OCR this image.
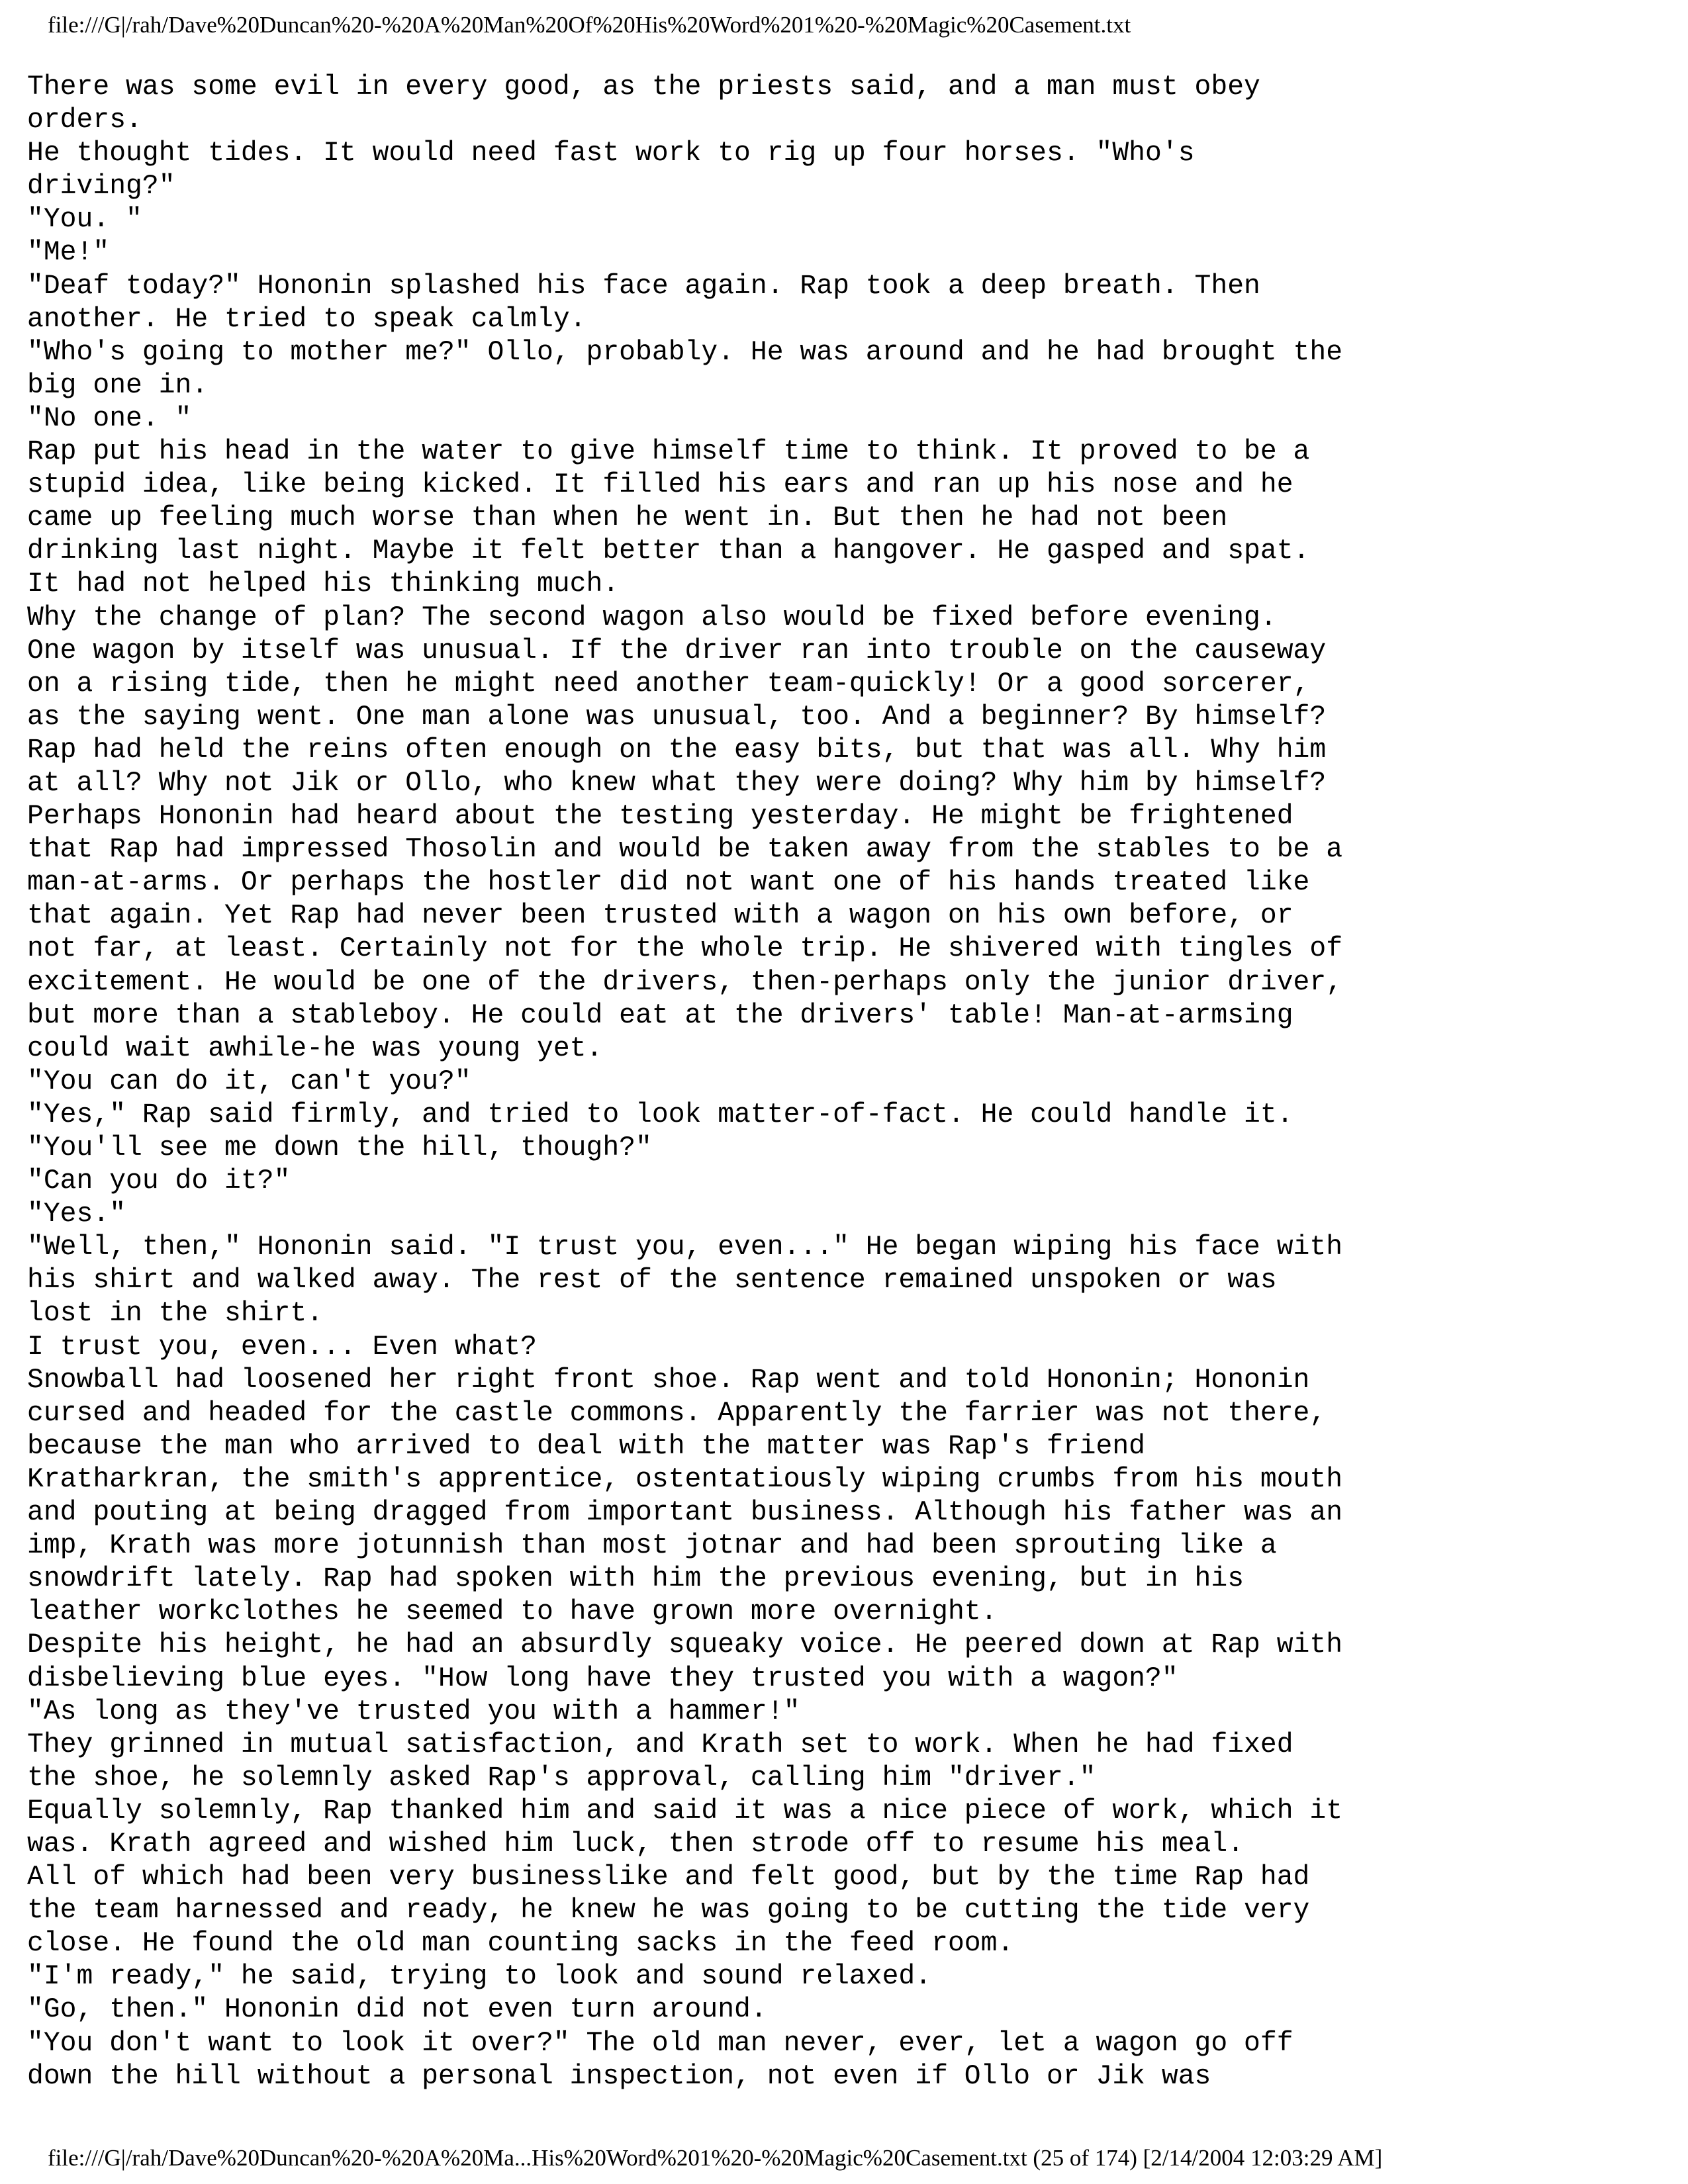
file:///G|/rah/Dave%20Duncan%20-%20A%20Man%20Of%20His%20Word%201%20-%20Magic%20Casement.txt
There was some evil in every good, as the priests said, and a man must obey
orders.
He thought tides. It would need fast work to rig up four horses. "Who's
driving?"
"You. "
"Me!"
"Deaf today?" Hononin splashed his face again. Rap took a deep breath. Then
another. He tried to speak calmly.
"Who's going to mother me?" Ollo, probably. He was around and he had brought the
big one in.
"No one. "
Rap put his head in the water to give himself time to think. It proved to be a
stupid idea, like being kicked. It filled his ears and ran up his nose and he
came up feeling much worse than when he went in. But then he had not been
drinking last night. Maybe it felt better than a hangover. He gasped and spat.
It had not helped his thinking much.
Why the change of plan? The second wagon also would be fixed before evening.
One wagon by itself was unusual. If the driver ran into trouble on the causeway
on a rising tide, then he might need another team-quickly! Or a good sorcerer,
as the saying went. One man alone was unusual, too. And a beginner? By himself?
Rap had held the reins often enough on the easy bits, but that was all. Why him
at all? Why not Jik or Ollo, who knew what they were doing? Why him by himself?
Perhaps Hononin had heard about the testing yesterday. He might be frightened
that Rap had impressed Thosolin and would be taken away from the stables to be a
man-at-arms. Or perhaps the hostler did not want one of his hands treated like
that again. Yet Rap had never been trusted with a wagon on his own before, or
not far, at least. Certainly not for the whole trip. He shivered with tingles of
excitement. He would be one of the drivers, then-perhaps only the junior driver,
but more than a stableboy. He could eat at the drivers' table! Man-at-armsing
could wait awhile-he was young yet.
"You can do it, can't you?"
"Yes," Rap said firmly, and tried to look matter-of-fact. He could handle it.
"You'll see me down the hill, though?"
"Can you do it?"
"Yes."
"Well, then," Hononin said. "I trust you, even..." He began wiping his face with
his shirt and walked away. The rest of the sentence remained unspoken or was
lost in the shirt.
I trust you, even... Even what?
Snowball had loosened her right front shoe. Rap went and told Hononin; Hononin
cursed and headed for the castle commons. Apparently the farrier was not there,
because the man who arrived to deal with the matter was Rap's friend
Kratharkran, the smith's apprentice, ostentatiously wiping crumbs from his mouth
and pouting at being dragged from important business. Although his father was an
imp, Krath was more jotunnish than most jotnar and had been sprouting like a
snowdrift lately. Rap had spoken with him the previous evening, but in his
leather workclothes he seemed to have grown more overnight.
Despite his height, he had an absurdly squeaky voice. He peered down at Rap with
disbelieving blue eyes. "How long have they trusted you with a wagon?"
"As long as they've trusted you with a hammer!"
They grinned in mutual satisfaction, and Krath set to work. When he had fixed
the shoe, he solemnly asked Rap's approval, calling him "driver."
Equally solemnly, Rap thanked him and said it was a nice piece of work, which it
was. Krath agreed and wished him luck, then strode off to resume his meal.
All of which had been very businesslike and felt good, but by the time Rap had
the team harnessed and ready, he knew he was going to be cutting the tide very
close. He found the old man counting sacks in the feed room.
"I'm ready," he said, trying to look and sound relaxed.
"Go, then." Hononin did not even turn around.
"You don't want to look it over?" The old man never, ever, let a wagon go off
down the hill without a personal inspection, not even if Ollo or Jik was
file:///G|/rah/Dave%20Duncan%20-%20A%20Ma...His%20Word%201%20-%20Magic%20Casement.txt (25 of 174) [2/14/2004 12:03:29 AM]
